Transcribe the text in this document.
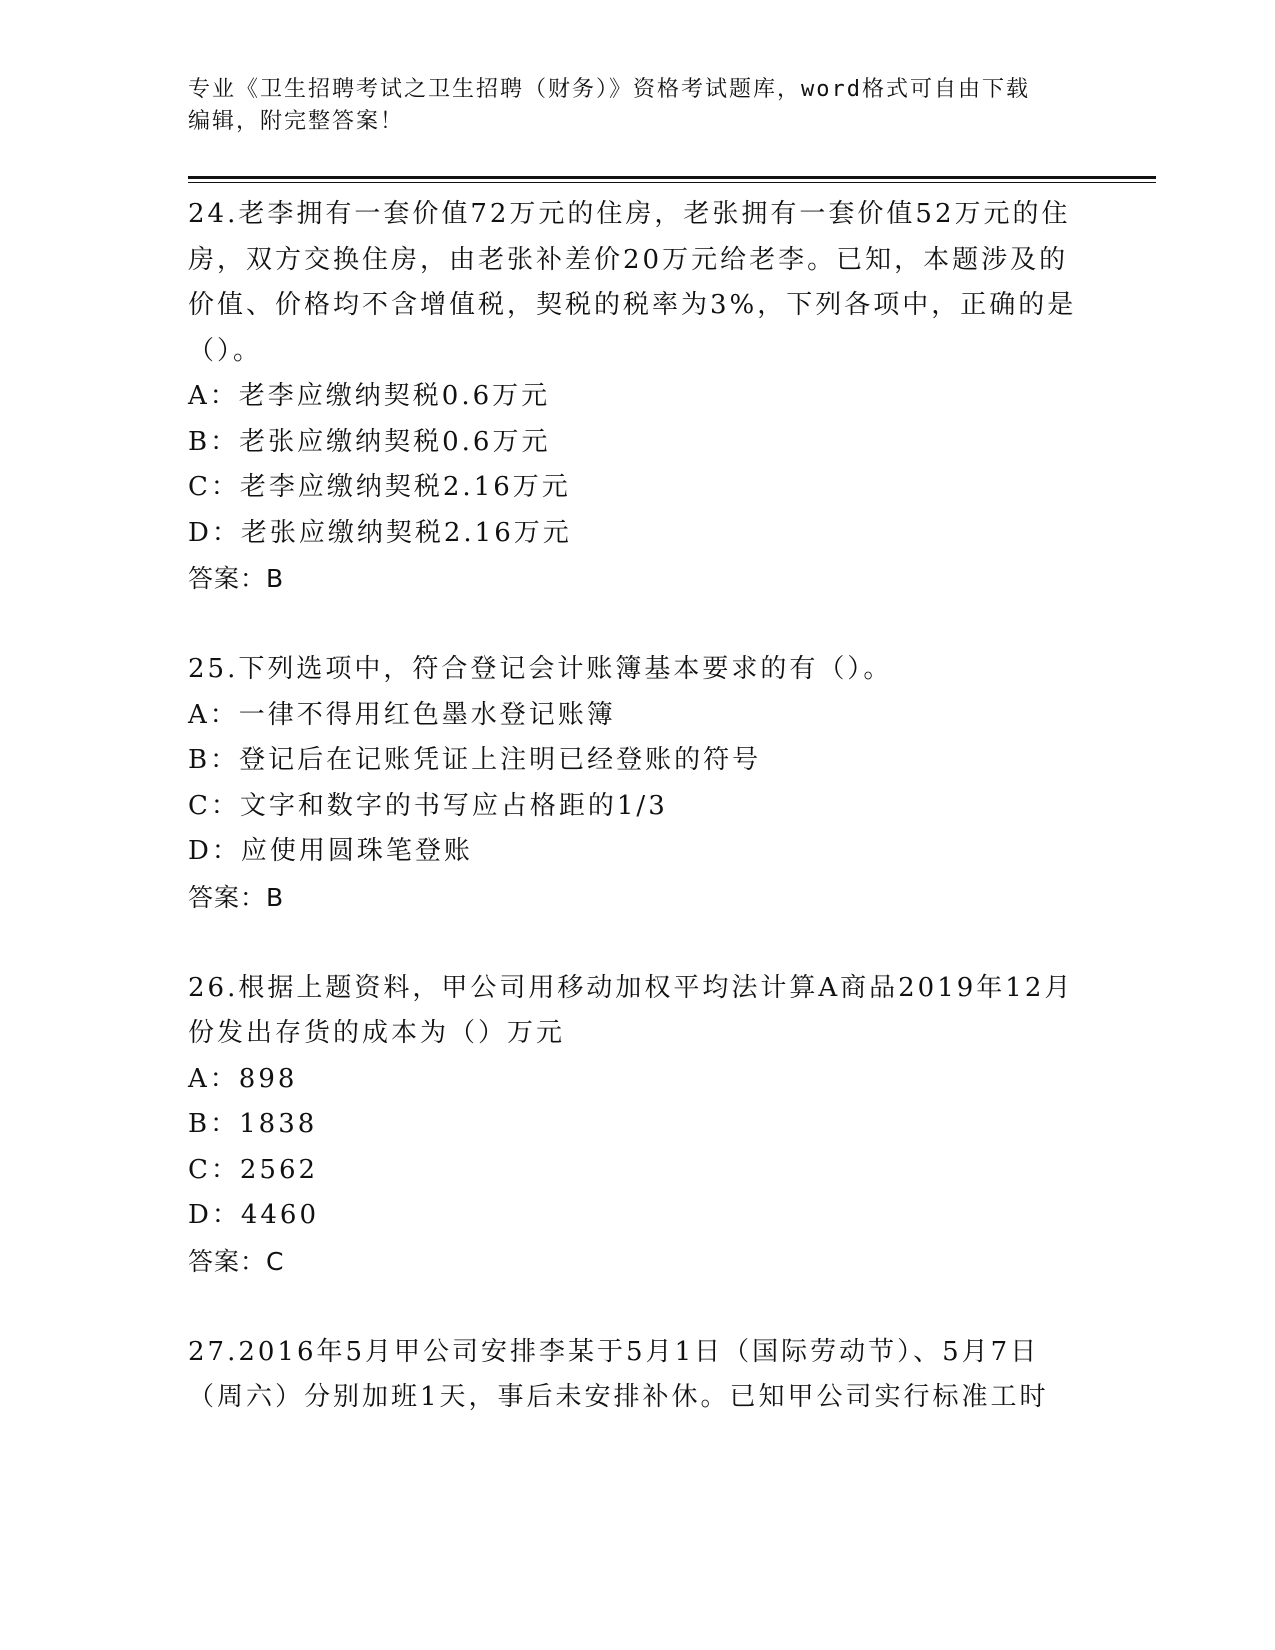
专业《卫生招聘考试之卫生招聘（财务）》资格考试题库，word格式可自由下载
编辑，附完整答案！

24.老李拥有一套价值72万元的住房，老张拥有一套价值52万元的住

房，双方交换住房，由老张补差价20万元给老李。已知，本题涉及的

价值、价格均不含增值税，契税的税率为3%，下列各项中，正确的是

（）。

A：老李应缴纳契税0.6万元

B：老张应缴纳契税0.6万元

C：老李应缴纳契税2.16万元

D：老张应缴纳契税2.16万元

答案：B

25.下列选项中，符合登记会计账簿基本要求的有（）。

A：一律不得用红色墨水登记账簿

B：登记后在记账凭证上注明已经登账的符号

C：文字和数字的书写应占格距的1/3

D：应使用圆珠笔登账

答案：B

26.根据上题资料，甲公司用移动加权平均法计算A商品2019年12月

份发出存货的成本为（）万元

A：898

B：1838

C：2562

D：4460

答案：C

27.2016年5月甲公司安排李某于5月1日（国际劳动节）、5月7日

（周六）分别加班1天，事后未安排补休。已知甲公司实行标准工时
